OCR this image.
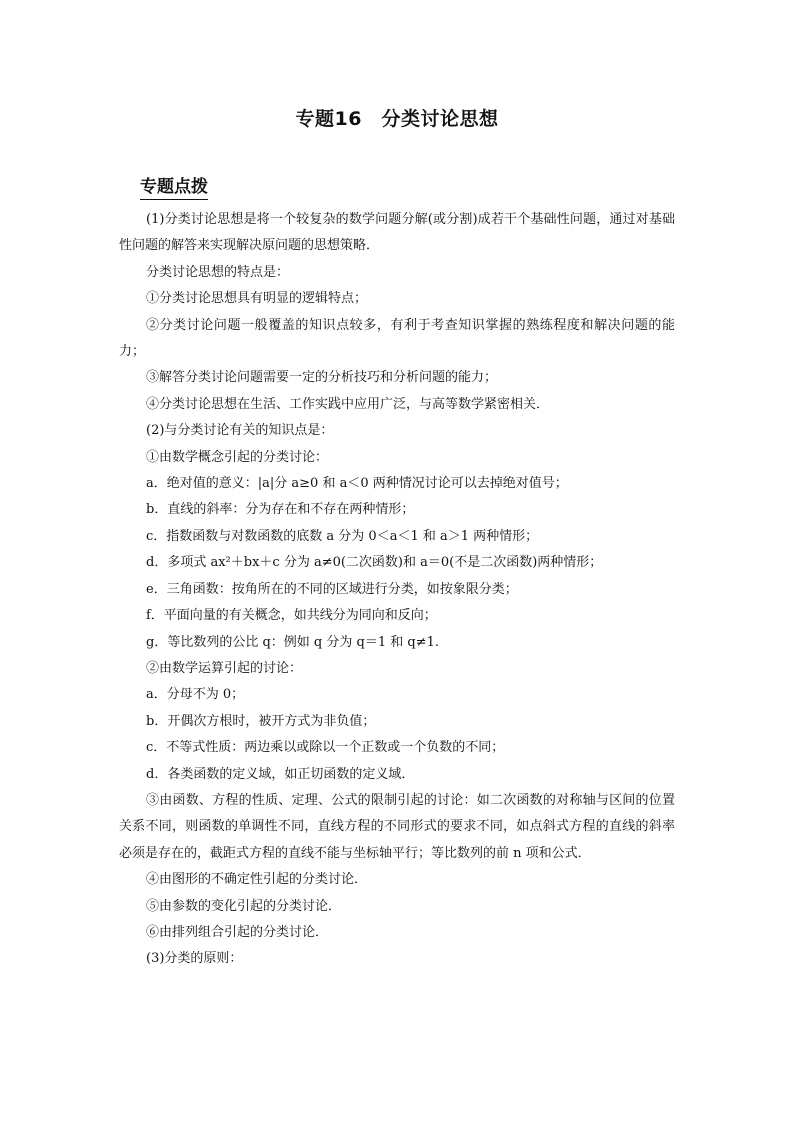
专题16　分类讨论思想
专题点拨

(1)分类讨论思想是将一个较复杂的数学问题分解(或分割)成若干个基础性问题，通过对基础性问题的解答来实现解决原问题的思想策略．

分类讨论思想的特点是：

①分类讨论思想具有明显的逻辑特点；

②分类讨论问题一般覆盖的知识点较多，有利于考查知识掌握的熟练程度和解决问题的能力；

③解答分类讨论问题需要一定的分析技巧和分析问题的能力；

④分类讨论思想在生活、工作实践中应用广泛，与高等数学紧密相关．

(2)与分类讨论有关的知识点是：

①由数学概念引起的分类讨论：

a．绝对值的意义：|a|分 a≥0 和 a＜0 两种情况讨论可以去掉绝对值号；

b．直线的斜率：分为存在和不存在两种情形；

c．指数函数与对数函数的底数 a 分为 0＜a＜1 和 a＞1 两种情形；

d．多项式 ax²＋bx＋c 分为 a≠0(二次函数)和 a＝0(不是二次函数)两种情形；

e．三角函数：按角所在的不同的区域进行分类，如按象限分类；

f．平面向量的有关概念，如共线分为同向和反向；

g．等比数列的公比 q：例如 q 分为 q＝1 和 q≠1.

②由数学运算引起的讨论：

a．分母不为 0；

b．开偶次方根时，被开方式为非负值；

c．不等式性质：两边乘以或除以一个正数或一个负数的不同；

d．各类函数的定义域，如正切函数的定义域．

③由函数、方程的性质、定理、公式的限制引起的讨论：如二次函数的对称轴与区间的位置关系不同，则函数的单调性不同，直线方程的不同形式的要求不同，如点斜式方程的直线的斜率必须是存在的，截距式方程的直线不能与坐标轴平行；等比数列的前 n 项和公式．

④由图形的不确定性引起的分类讨论．

⑤由参数的变化引起的分类讨论．

⑥由排列组合引起的分类讨论．

(3)分类的原则：
